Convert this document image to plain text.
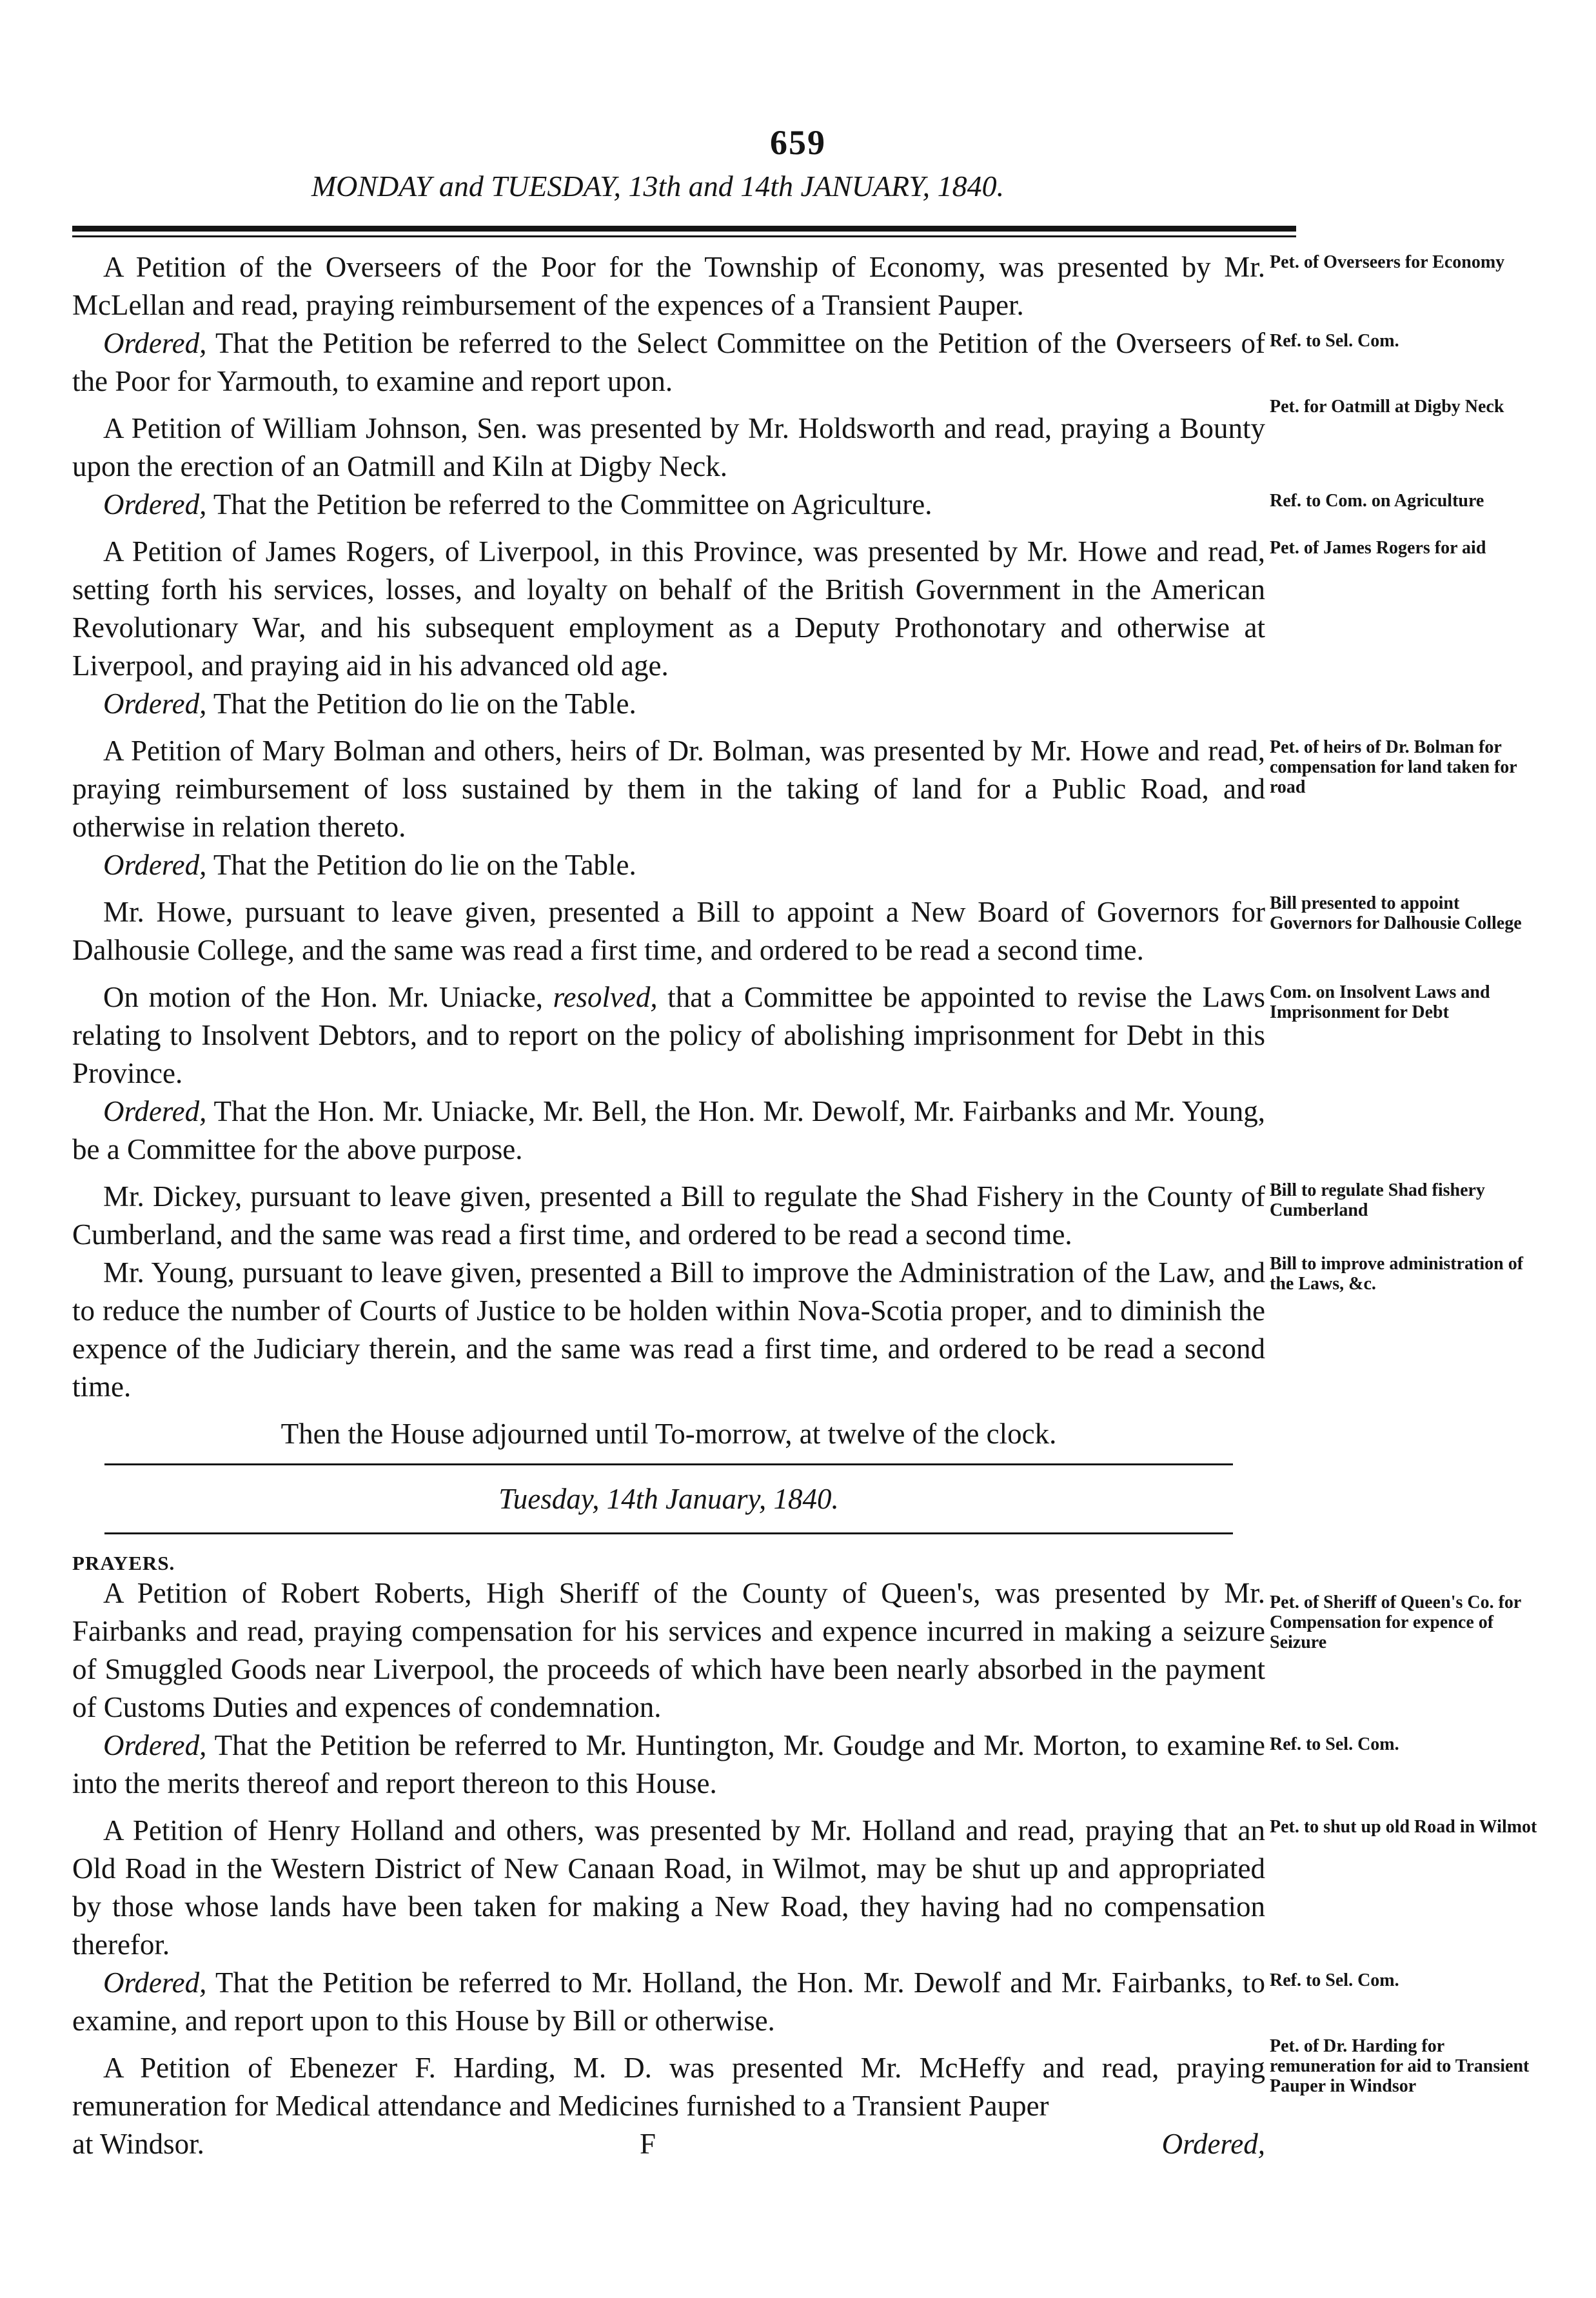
659
MONDAY and TUESDAY, 13th and 14th JANUARY, 1840.

A Petition of the Overseers of the Poor for the Township of Economy, was presented by Mr. McLellan and read, praying reimbursement of the expences of a Transient Pauper.

Pet. of Overseers for Economy

Ordered, That the Petition be referred to the Select Committee on the Petition of the Overseers of the Poor for Yarmouth, to examine and report upon.

Ref. to Sel. Com.

A Petition of William Johnson, Sen. was presented by Mr. Holdsworth and read, praying a Bounty upon the erection of an Oatmill and Kiln at Digby Neck.

Pet. for Oatmill at Digby Neck

Ordered, That the Petition be referred to the Committee on Agriculture.	Ref. to Com. on Agriculture

A Petition of James Rogers, of Liverpool, in this Province, was presented by Mr. Howe and read, setting forth his services, losses, and loyalty on behalf of the British Government in the American Revolutionary War, and his subsequent employment as a Deputy Prothonotary and otherwise at Liverpool, and praying aid in his advanced old age.

Pet. of James Rogers for aid

Ordered, That the Petition do lie on the Table.

A Petition of Mary Bolman and others, heirs of Dr. Bolman, was presented by Mr. Howe and read, praying reimbursement of loss sustained by them in the taking of land for a Public Road, and otherwise in relation thereto.

Pet. of heirs of Dr. Bolman for compensation for land taken for road

Ordered, That the Petition do lie on the Table.

Mr. Howe, pursuant to leave given, presented a Bill to appoint a New Board of Governors for Dalhousie College, and the same was read a first time, and ordered to be read a second time.

Bill presented to appoint Governors for Dalhousie College

On motion of the Hon. Mr. Uniacke, resolved, that a Committee be appointed to revise the Laws relating to Insolvent Debtors, and to report on the policy of abolishing imprisonment for Debt in this Province.

Com. on Insolvent Laws and Imprisonment for Debt

Ordered, That the Hon. Mr. Uniacke, Mr. Bell, the Hon. Mr. Dewolf, Mr. Fairbanks and Mr. Young, be a Committee for the above purpose.

Mr. Dickey, pursuant to leave given, presented a Bill to regulate the Shad Fishery in the County of Cumberland, and the same was read a first time, and ordered to be read a second time.

Bill to regulate Shad fishery Cumberland

Mr. Young, pursuant to leave given, presented a Bill to improve the Administration of the Law, and to reduce the number of Courts of Justice to be holden within Nova-Scotia proper, and to diminish the expence of the Judiciary therein, and the same was read a first time, and ordered to be read a second time.

Bill to improve administration of the Laws, &c.

Then the House adjourned until To-morrow, at twelve of the clock.

Tuesday, 14th January, 1840.
PRAYERS.

A Petition of Robert Roberts, High Sheriff of the County of Queen's, was presented by Mr. Fairbanks and read, praying compensation for his services and expence incurred in making a seizure of Smuggled Goods near Liverpool, the proceeds of which have been nearly absorbed in the payment of Customs Duties and expences of condemnation.

Pet. of Sheriff of Queen's Co. for Compensation for expence of Seizure

Ordered, That the Petition be referred to Mr. Huntington, Mr. Goudge and Mr. Morton, to examine into the merits thereof and report thereon to this House.

Ref. to Sel. Com.

A Petition of Henry Holland and others, was presented by Mr. Holland and read, praying that an Old Road in the Western District of New Canaan Road, in Wilmot, may be shut up and appropriated by those whose lands have been taken for making a New Road, they having had no compensation therefor.

Pet. to shut up old Road in Wilmot

Ordered, That the Petition be referred to Mr. Holland, the Hon. Mr. Dewolf and Mr. Fairbanks, to examine, and report upon to this House by Bill or otherwise.

Ref. to Sel. Com.

A Petition of Ebenezer F. Harding, M. D. was presented Mr. McHeffy and read, praying remuneration for Medical attendance and Medicines furnished to a Transient Pauper

Pet. of Dr. Harding for remuneration for aid to Transient Pauper in Windsor
at Windsor.	F	Ordered,
